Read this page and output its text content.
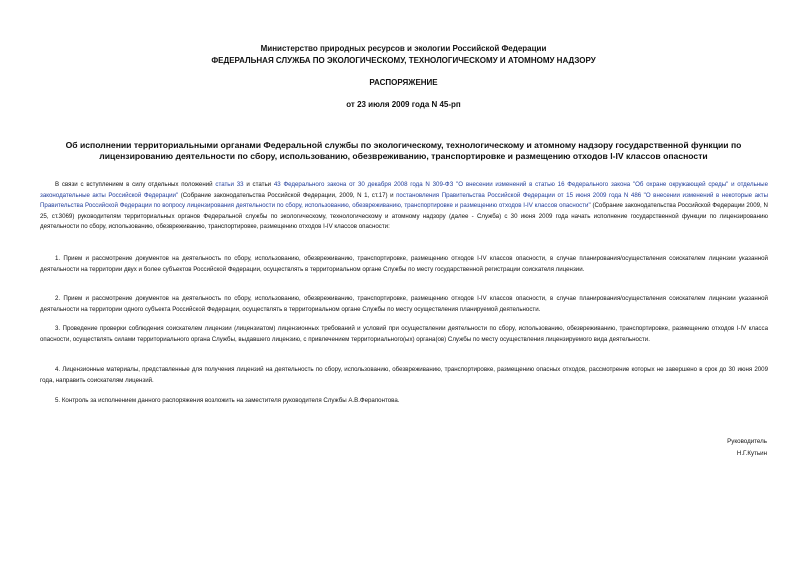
Министерство природных ресурсов и экологии Российской Федерации
ФЕДЕРАЛЬНАЯ СЛУЖБА ПО ЭКОЛОГИЧЕСКОМУ, ТЕХНОЛОГИЧЕСКОМУ И АТОМНОМУ НАДЗОРУ
РАСПОРЯЖЕНИЕ
от 23 июля 2009 года N 45-рп
Об исполнении территориальными органами Федеральной службы по экологическому, технологическому и атомному надзору государственной функции по лицензированию деятельности по сбору, использованию, обезвреживанию, транспортировке и размещению отходов I-IV классов опасности

В связи с вступлением в силу отдельных положений статьи 33 и статьи 43 Федерального закона от 30 декабря 2008 года N 309-ФЗ "О внесении изменений в статью 16 Федерального закона "Об охране окружающей среды" и отдельные законодательные акты Российской Федерации" (Собрание законодательства Российской Федерации, 2009, N 1, ст.17) и постановления Правительства Российской Федерации от 15 июня 2009 года N 486 "О внесении изменений в некоторые акты Правительства Российской Федерации по вопросу лицензирования деятельности по сбору, использованию, обезвреживанию, транспортировке и размещению отходов I-IV классов опасности" (Собрание законодательства Российской Федерации 2009, N 25, ст.3069) руководителям территориальных органов Федеральной службы по экологическому, технологическому и атомному надзору (далее - Служба) с 30 июня 2009 года начать исполнение государственной функции по лицензированию деятельности по сбору, использованию, обезвреживанию, транспортировке, размещению отходов I-IV классов опасности:

1. Прием и рассмотрение документов на деятельность по сбору, использованию, обезвреживанию, транспортировке, размещению отходов I-IV классов опасности, в случае планирования/осуществления соискателем лицензии указанной деятельности на территории двух и более субъектов Российской Федерации, осуществлять в территориальном органе Службы по месту государственной регистрации соискателя лицензии.

2. Прием и рассмотрение документов на деятельность по сбору, использованию, обезвреживанию, транспортировке, размещению отходов I-IV классов опасности, в случае планирования/осуществления соискателем лицензии указанной деятельности на территории одного субъекта Российской Федерации, осуществлять в территориальном органе Службы по месту осуществления планируемой деятельности.

3. Проведение проверки соблюдения соискателем лицензии (лицензиатом) лицензионных требований и условий при осуществлении деятельности по сбору, использованию, обезвреживанию, транспортировке, размещению отходов I-IV класса опасности, осуществлять силами территориального органа Службы, выдавшего лицензию, с привлечением территориального(ых) органа(ов) Службы по месту осуществления лицензируемого вида деятельности.

4. Лицензионные материалы, представленные для получения лицензий на деятельность по сбору, использованию, обезвреживанию, транспортировке, размещению опасных отходов, рассмотрение которых не завершено в срок до 30 июня 2009 года, направить соискателям лицензий.

5. Контроль за исполнением данного распоряжения возложить на заместителя руководителя Службы А.В.Ферапонтова.

Руководитель
Н.Г.Кутьин
